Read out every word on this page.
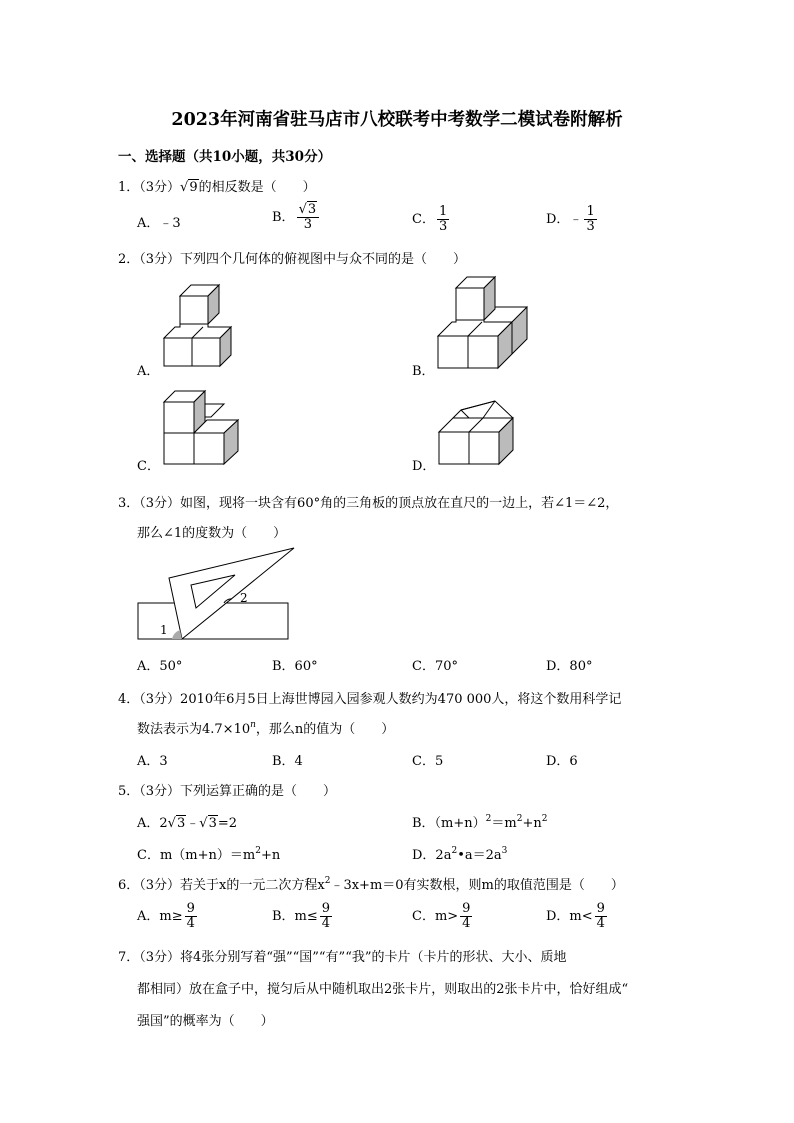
2023年河南省驻马店市八校联考中考数学二模试卷附解析
一、选择题（共10小题，共30分）
1．（3分）√9的相反数是（　　）
A．﹣3	B． $\frac{√3}{3}$	C． $\frac{1}{3}$	D．﹣ $\frac{1}{3}$
2．（3分）下列四个几何体的俯视图中与众不同的是（　　）
A．	B．
C．	D．
3．（3分）如图，现将一块含有60°角的三角板的顶点放在直尺的一边上，若∠1＝∠2，
那么∠1的度数为（　　）
1
2
A．50°	B．60°	C．70°	D．80°
4．（3分）2010年6月5日上海世博园入园参观人数约为470 000人，将这个数用科学记
数法表示为$4.7\times 10^n$，那么n的值为（　　）
A．3	B．4	C．5	D．6
5．（3分）下列运算正确的是（　　）
A．2√3﹣√3=2	B．$(m+n)^2=m^2+n^2$
C．$m(m+n)=m^2+n$	D．$2a^2•a=2a^3$
6．（3分）若关于x的一元二次方程$x^2﹣3x+m=0$有实数根，则m的取值范围是（　　）
A．$m\ge \frac{9}{4}$	B．$m\le \frac{9}{4}$	C．$m> \frac{9}{4}$	D．$m< \frac{9}{4}$
7．（3分）将4张分别写着“强”“国”“有”“我”的卡片（卡片的形状、大小、质地
都相同）放在盒子中，搅匀后从中随机取出2张卡片，则取出的2张卡片中，恰好组成“
强国”的概率为（　　）
